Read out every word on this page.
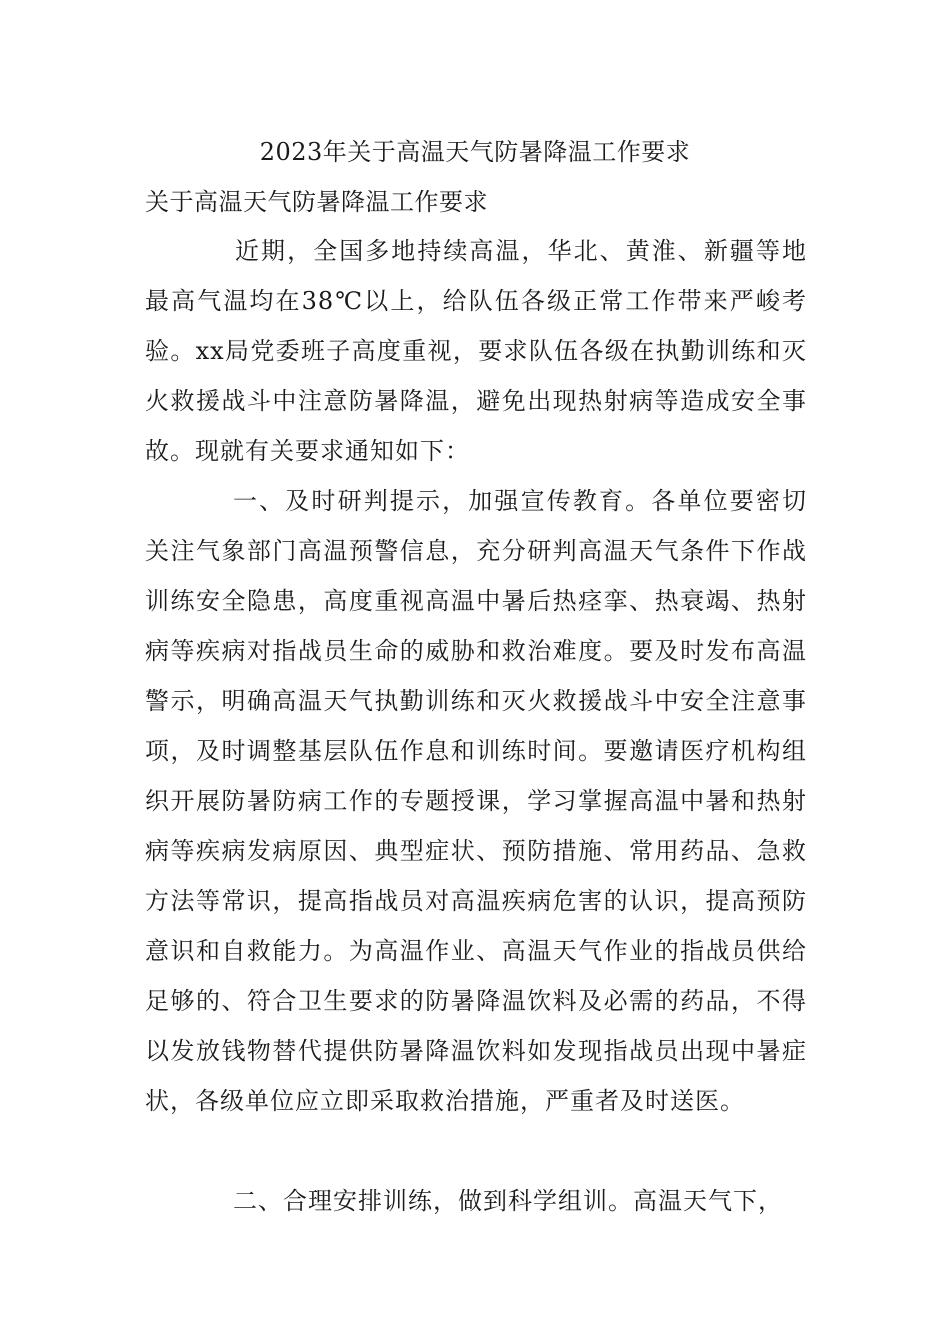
2023年关于高温天气防暑降温工作要求

关于高温天气防暑降温工作要求

近期，全国多地持续高温，华北、黄淮、新疆等地最高气温均在38℃以上，给队伍各级正常工作带来严峻考验。xx局党委班子高度重视，要求队伍各级在执勤训练和灭火救援战斗中注意防暑降温，避免出现热射病等造成安全事故。现就有关要求通知如下：

一、及时研判提示，加强宣传教育。各单位要密切关注气象部门高温预警信息，充分研判高温天气条件下作战训练安全隐患，高度重视高温中暑后热痉挛、热衰竭、热射病等疾病对指战员生命的威胁和救治难度。要及时发布高温警示，明确高温天气执勤训练和灭火救援战斗中安全注意事项，及时调整基层队伍作息和训练时间。要邀请医疗机构组织开展防暑防病工作的专题授课，学习掌握高温中暑和热射病等疾病发病原因、典型症状、预防措施、常用药品、急救方法等常识，提高指战员对高温疾病危害的认识，提高预防意识和自救能力。为高温作业、高温天气作业的指战员供给足够的、符合卫生要求的防暑降温饮料及必需的药品，不得以发放钱物替代提供防暑降温饮料如发现指战员出现中暑症状，各级单位应立即采取救治措施，严重者及时送医。

二、合理安排训练，做到科学组训。高温天气下，
